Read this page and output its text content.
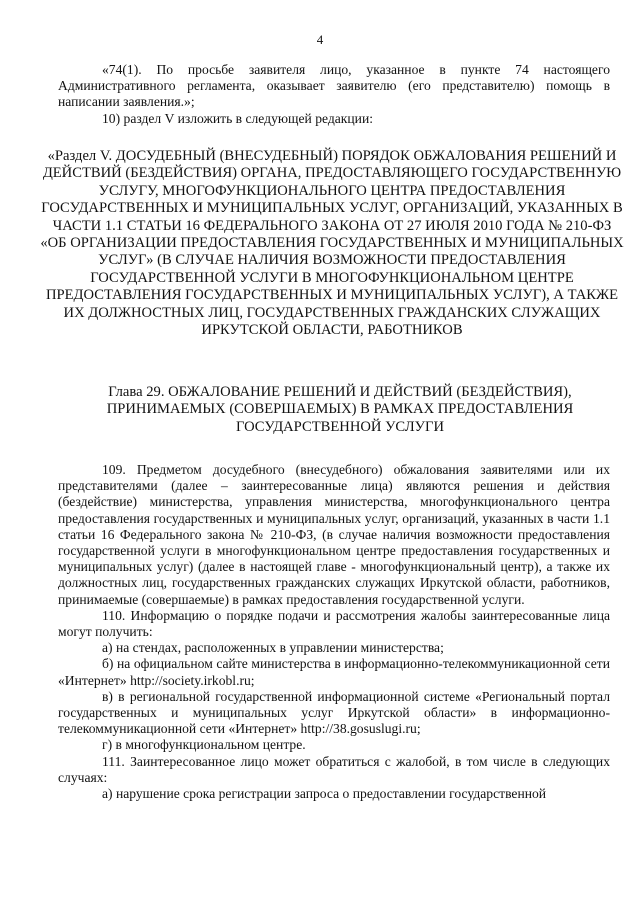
4

«74(1). По просьбе заявителя лицо, указанное в пункте 74 настоящего Административного регламента, оказывает заявителю (его представителю) помощь в написании заявления.»;

10) раздел V изложить в следующей редакции:

«Раздел V. ДОСУДЕБНЫЙ (ВНЕСУДЕБНЫЙ) ПОРЯДОК ОБЖАЛОВАНИЯ РЕШЕНИЙ И ДЕЙСТВИЙ (БЕЗДЕЙСТВИЯ) ОРГАНА, ПРЕДОСТАВЛЯЮЩЕГО ГОСУДАРСТВЕННУЮ УСЛУГУ, МНОГОФУНКЦИОНАЛЬНОГО ЦЕНТРА ПРЕДОСТАВЛЕНИЯ ГОСУДАРСТВЕННЫХ И МУНИЦИПАЛЬНЫХ УСЛУГ, ОРГАНИЗАЦИЙ, УКАЗАННЫХ В ЧАСТИ 1.1 СТАТЬИ 16 ФЕДЕРАЛЬНОГО ЗАКОНА ОТ 27 ИЮЛЯ 2010 ГОДА № 210-ФЗ «ОБ ОРГАНИЗАЦИИ ПРЕДОСТАВЛЕНИЯ ГОСУДАРСТВЕННЫХ И МУНИЦИПАЛЬНЫХ УСЛУГ» (В СЛУЧАЕ НАЛИЧИЯ ВОЗМОЖНОСТИ ПРЕДОСТАВЛЕНИЯ ГОСУДАРСТВЕННОЙ УСЛУГИ В МНОГОФУНКЦИОНАЛЬНОМ ЦЕНТРЕ ПРЕДОСТАВЛЕНИЯ ГОСУДАРСТВЕННЫХ И МУНИЦИПАЛЬНЫХ УСЛУГ), А ТАКЖЕ ИХ ДОЛЖНОСТНЫХ ЛИЦ, ГОСУДАРСТВЕННЫХ ГРАЖДАНСКИХ СЛУЖАЩИХ ИРКУТСКОЙ ОБЛАСТИ, РАБОТНИКОВ

Глава 29. ОБЖАЛОВАНИЕ РЕШЕНИЙ И ДЕЙСТВИЙ (БЕЗДЕЙСТВИЯ), ПРИНИМАЕМЫХ (СОВЕРШАЕМЫХ) В РАМКАХ ПРЕДОСТАВЛЕНИЯ ГОСУДАРСТВЕННОЙ УСЛУГИ

109. Предметом досудебного (внесудебного) обжалования заявителями или их представителями (далее – заинтересованные лица) являются решения и действия (бездействие) министерства, управления министерства, многофункционального центра предоставления государственных и муниципальных услуг, организаций, указанных в части 1.1 статьи 16 Федерального закона № 210-ФЗ, (в случае наличия возможности предоставления государственной услуги в многофункциональном центре предоставления государственных и муниципальных услуг) (далее в настоящей главе - многофункциональный центр), а также их должностных лиц, государственных гражданских служащих Иркутской области, работников, принимаемые (совершаемые) в рамках предоставления государственной услуги.

110. Информацию о порядке подачи и рассмотрения жалобы заинтересованные лица могут получить:

а) на стендах, расположенных в управлении министерства;

б) на официальном сайте министерства в информационно-телекоммуникационной сети «Интернет» http://society.irkobl.ru;

в) в региональной государственной информационной системе «Региональный портал государственных и муниципальных услуг Иркутской области» в информационно-телекоммуникационной сети «Интернет» http://38.gosuslugi.ru;

г) в многофункциональном центре.

111. Заинтересованное лицо может обратиться с жалобой, в том числе в следующих случаях:

а) нарушение срока регистрации запроса о предоставлении государственной
